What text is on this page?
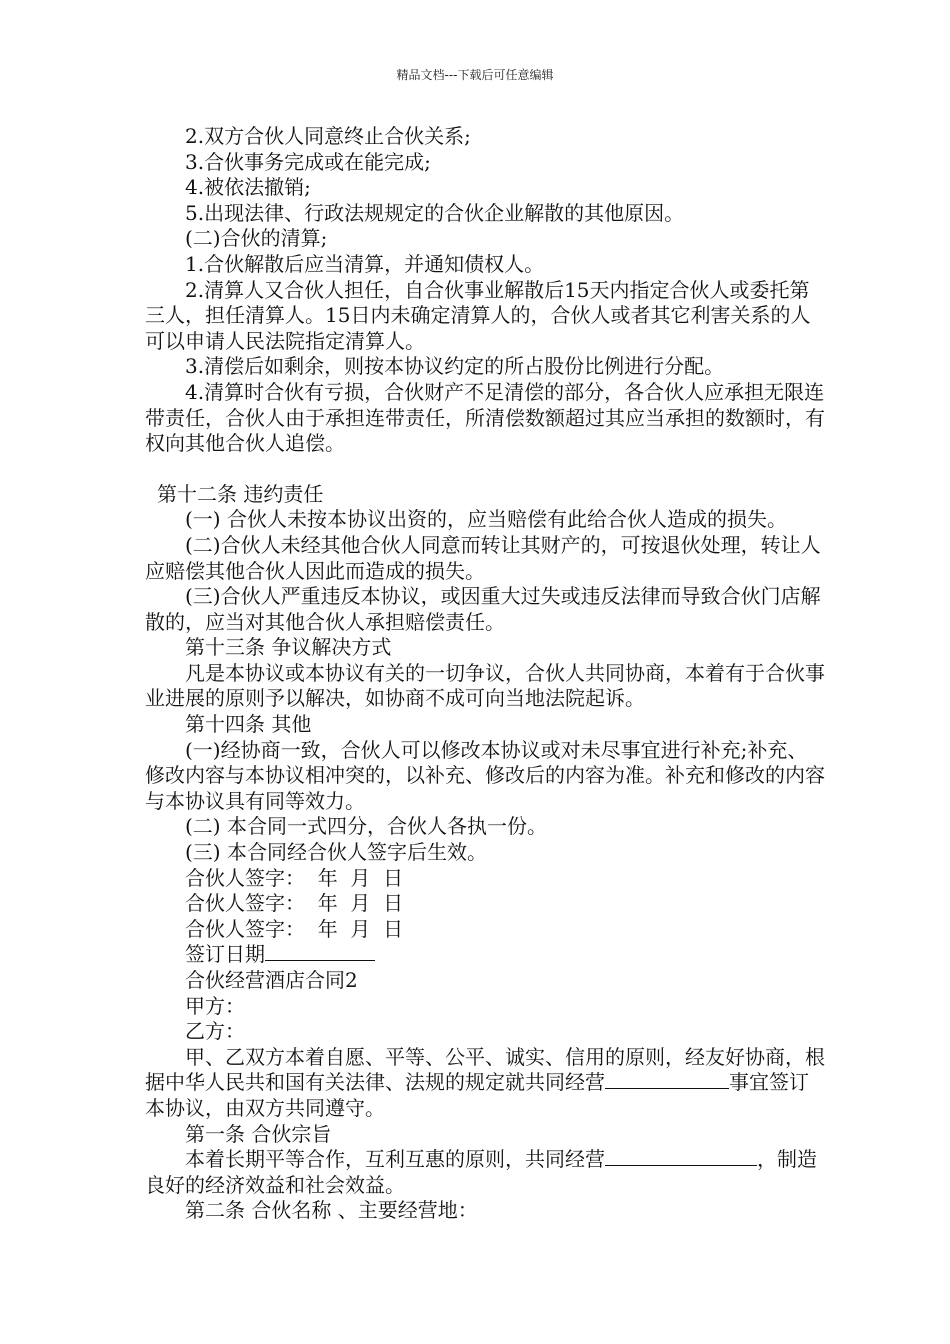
精品文档---下载后可任意编辑

2.双方合伙人同意终止合伙关系;

3.合伙事务完成或在能完成;

4.被依法撤销;

5.出现法律、行政法规规定的合伙企业解散的其他原因。

(二)合伙的清算;

1.合伙解散后应当清算，并通知债权人。

2.清算人又合伙人担任，自合伙事业解散后15天内指定合伙人或委托第三人，担任清算人。15日内未确定清算人的，合伙人或者其它利害关系的人可以申请人民法院指定清算人。

3.清偿后如剩余，则按本协议约定的所占股份比例进行分配。

4.清算时合伙有亏损，合伙财产不足清偿的部分，各合伙人应承担无限连带责任，合伙人由于承担连带责任，所清偿数额超过其应当承担的数额时，有权向其他合伙人追偿。

第十二条 违约责任

(一) 合伙人未按本协议出资的，应当赔偿有此给合伙人造成的损失。

(二)合伙人未经其他合伙人同意而转让其财产的，可按退伙处理，转让人应赔偿其他合伙人因此而造成的损失。

(三)合伙人严重违反本协议，或因重大过失或违反法律而导致合伙门店解散的，应当对其他合伙人承担赔偿责任。

第十三条 争议解决方式

凡是本协议或本协议有关的一切争议，合伙人共同协商，本着有于合伙事业进展的原则予以解决，如协商不成可向当地法院起诉。

第十四条 其他

(一)经协商一致，合伙人可以修改本协议或对未尽事宜进行补充;补充、修改内容与本协议相冲突的，以补充、修改后的内容为准。补充和修改的内容与本协议具有同等效力。

(二) 本合同一式四分，合伙人各执一份。

(三) 本合同经合伙人签字后生效。

合伙人签字：  年  月  日

合伙人签字：  年  月  日

合伙人签字：  年  月  日

签订日期

合伙经营酒店合同2

甲方：

乙方：

甲、乙双方本着自愿、平等、公平、诚实、信用的原则，经友好协商，根据中华人民共和国有关法律、法规的规定就共同经营	事宜签订本协议，由双方共同遵守。

第一条 合伙宗旨

本着长期平等合作，互利互惠的原则，共同经营	，制造良好的经济效益和社会效益。

第二条 合伙名称 、主要经营地：
